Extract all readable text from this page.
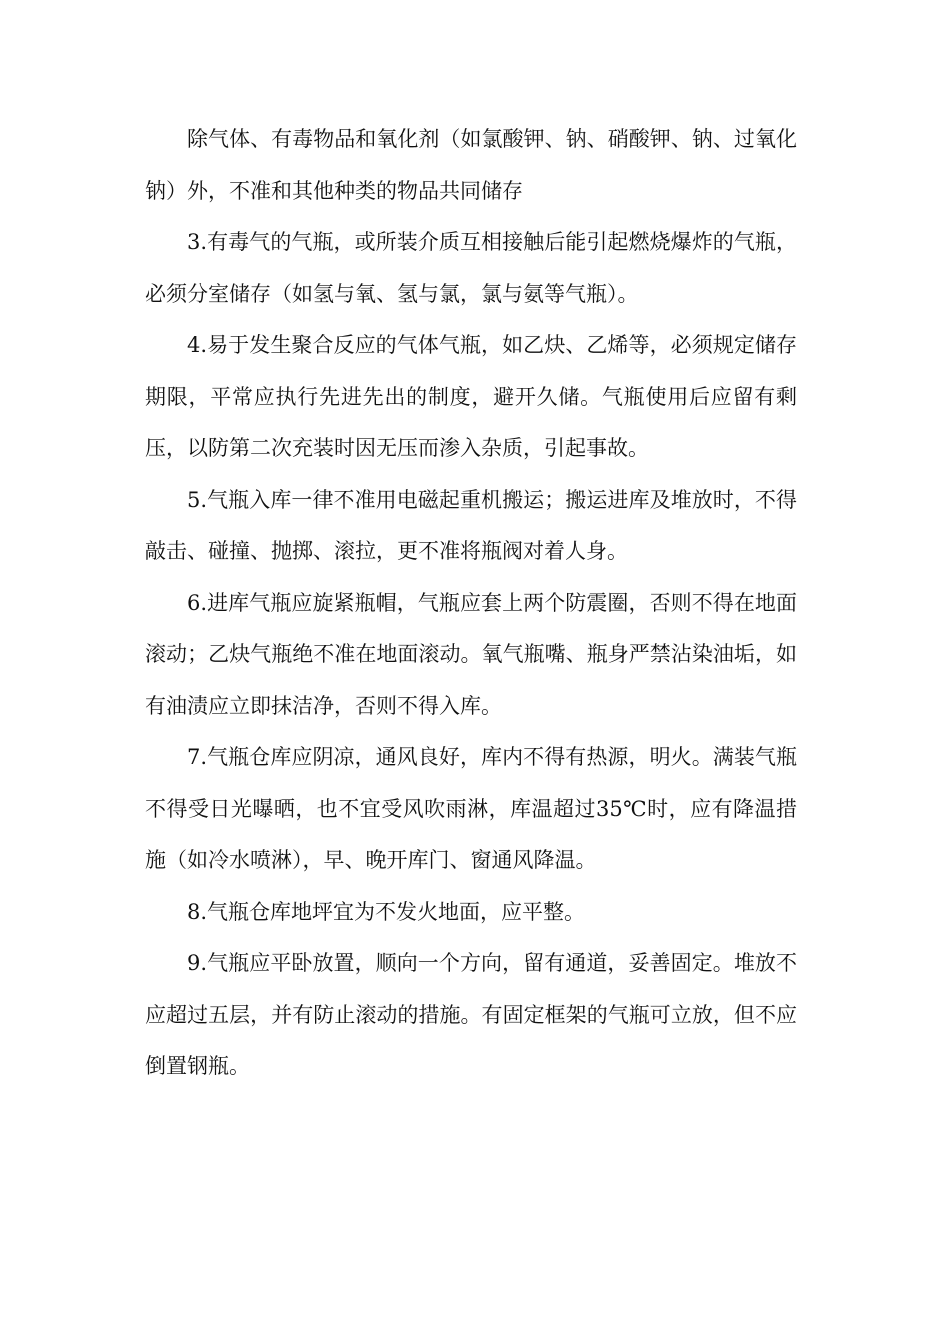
除气体、有毒物品和氧化剂（如氯酸钾、钠、硝酸钾、钠、过氧化钠）外，不准和其他种类的物品共同储存

3.有毒气的气瓶，或所装介质互相接触后能引起燃烧爆炸的气瓶，必须分室储存（如氢与氧、氢与氯，氯与氨等气瓶）。

4.易于发生聚合反应的气体气瓶，如乙炔、乙烯等，必须规定储存期限，平常应执行先进先出的制度，避开久储。气瓶使用后应留有剩压，以防第二次充装时因无压而渗入杂质，引起事故。

5.气瓶入库一律不准用电磁起重机搬运；搬运进库及堆放时，不得敲击、碰撞、抛掷、滚拉，更不准将瓶阀对着人身。

6.进库气瓶应旋紧瓶帽，气瓶应套上两个防震圈，否则不得在地面滚动；乙炔气瓶绝不准在地面滚动。氧气瓶嘴、瓶身严禁沾染油垢，如有油渍应立即抹洁净，否则不得入库。

7.气瓶仓库应阴凉，通风良好，库内不得有热源，明火。满装气瓶不得受日光曝晒，也不宜受风吹雨淋，库温超过35℃时，应有降温措施（如冷水喷淋），早、晚开库门、窗通风降温。

8.气瓶仓库地坪宜为不发火地面，应平整。

9.气瓶应平卧放置，顺向一个方向，留有通道，妥善固定。堆放不应超过五层，并有防止滚动的措施。有固定框架的气瓶可立放，但不应倒置钢瓶。
